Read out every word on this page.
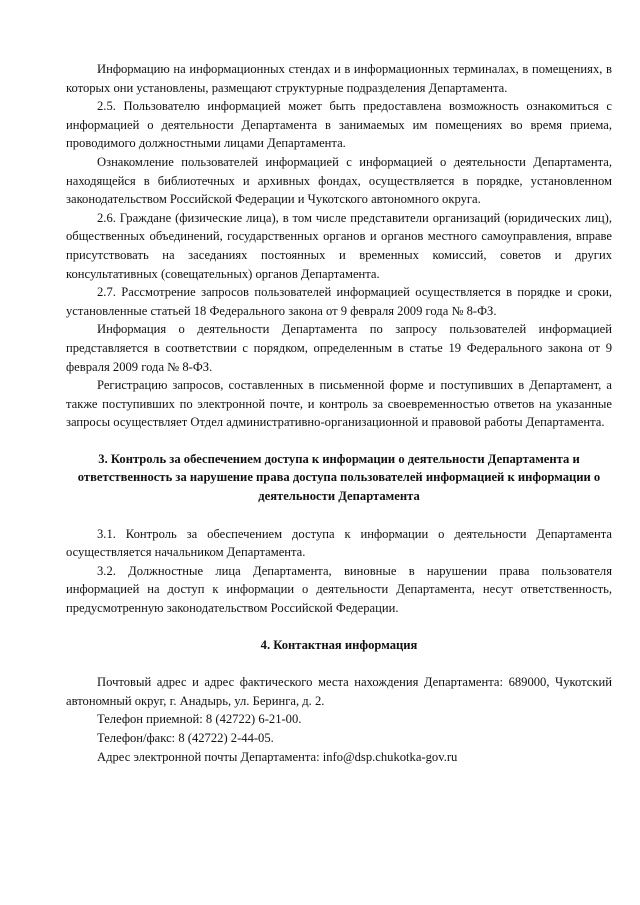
Информацию на информационных стендах и в информационных терминалах, в помещениях, в которых они установлены, размещают структурные подразделения Департамента.

2.5. Пользователю информацией может быть предоставлена возможность ознакомиться с информацией о деятельности Департамента в занимаемых им помещениях во время приема, проводимого должностными лицами Департамента.

Ознакомление пользователей информацией с информацией о деятельности Департамента, находящейся в библиотечных и архивных фондах, осуществляется в порядке, установленном законодательством Российской Федерации и Чукотского автономного округа.

2.6. Граждане (физические лица), в том числе представители организаций (юридических лиц), общественных объединений, государственных органов и органов местного самоуправления, вправе присутствовать на заседаниях постоянных и временных комиссий, советов и других консультативных (совещательных) органов Департамента.

2.7. Рассмотрение запросов пользователей информацией осуществляется в порядке и сроки, установленные статьей 18 Федерального закона от 9 февраля 2009 года № 8-ФЗ.

Информация о деятельности Департамента по запросу пользователей информацией представляется в соответствии с порядком, определенным в статье 19 Федерального закона от 9 февраля 2009 года № 8-ФЗ.

Регистрацию запросов, составленных в письменной форме и поступивших в Департамент, а также поступивших по электронной почте, и контроль за своевременностью ответов на указанные запросы осуществляет Отдел административно-организационной и правовой работы Департамента.

3. Контроль за обеспечением доступа к информации о деятельности Департамента и ответственность за нарушение права доступа пользователей информацией к информации о деятельности Департамента

3.1. Контроль за обеспечением доступа к информации о деятельности Департамента осуществляется начальником Департамента.

3.2. Должностные лица Департамента, виновные в нарушении права пользователя информацией на доступ к информации о деятельности Департамента, несут ответственность, предусмотренную законодательством Российской Федерации.

4. Контактная информация

Почтовый адрес и адрес фактического места нахождения Департамента: 689000, Чукотский автономный округ, г. Анадырь, ул. Беринга, д. 2.

Телефон приемной: 8 (42722) 6-21-00.

Телефон/факс: 8 (42722) 2-44-05.

Адрес электронной почты Департамента: info@dsp.chukotka-gov.ru
